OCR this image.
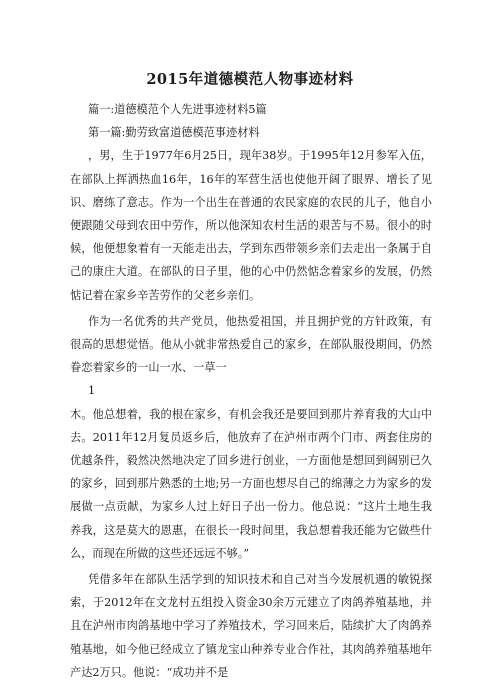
2015年道德模范人物事迹材料

篇一:道德模范个人先进事迹材料5篇

第一篇:勤劳致富道德模范事迹材料

，男，生于1977年6月25日，现年38岁。于1995年12月参军入伍，在部队上挥洒热血16年，16年的军营生活也使他开阔了眼界、增长了见识、磨练了意志。作为一个出生在普通的农民家庭的农民的儿子，他自小便跟随父母到农田中劳作，所以他深知农村生活的艰苦与不易。很小的时候，他便想象着有一天能走出去，学到东西带领乡亲们去走出一条属于自己的康庄大道。在部队的日子里，他的心中仍然惦念着家乡的发展，仍然惦记着在家乡辛苦劳作的父老乡亲们。

作为一名优秀的共产党员，他热爱祖国，并且拥护党的方针政策，有很高的思想觉悟。他从小就非常热爱自己的家乡，在部队服役期间，仍然眷恋着家乡的一山一水、一草一

1

木。他总想着，我的根在家乡，有机会我还是要回到那片养育我的大山中去。2011年12月复员返乡后，他放弃了在泸州市两个门市、两套住房的优越条件，毅然决然地决定了回乡进行创业，一方面他是想回到阔别已久的家乡，回到那片熟悉的土地;另一方面也想尽自己的绵薄之力为家乡的发展做一点贡献，为家乡人过上好日子出一份力。他总说：“这片土地生我养我，这是莫大的恩惠，在很长一段时间里，我总想着我还能为它做些什么，而现在所做的这些还远远不够。”

凭借多年在部队生活学到的知识技术和自己对当今发展机遇的敏锐探索，于2012年在文龙村五组投入资金30余万元建立了肉鸽养殖基地，并且在泸州市肉鸽基地中学习了养殖技术，学习回来后，陆续扩大了肉鸽养殖基地，如今他已经成立了镇龙宝山种养专业合作社，其肉鸽养殖基地年产达2万只。他说：“成功并不是
